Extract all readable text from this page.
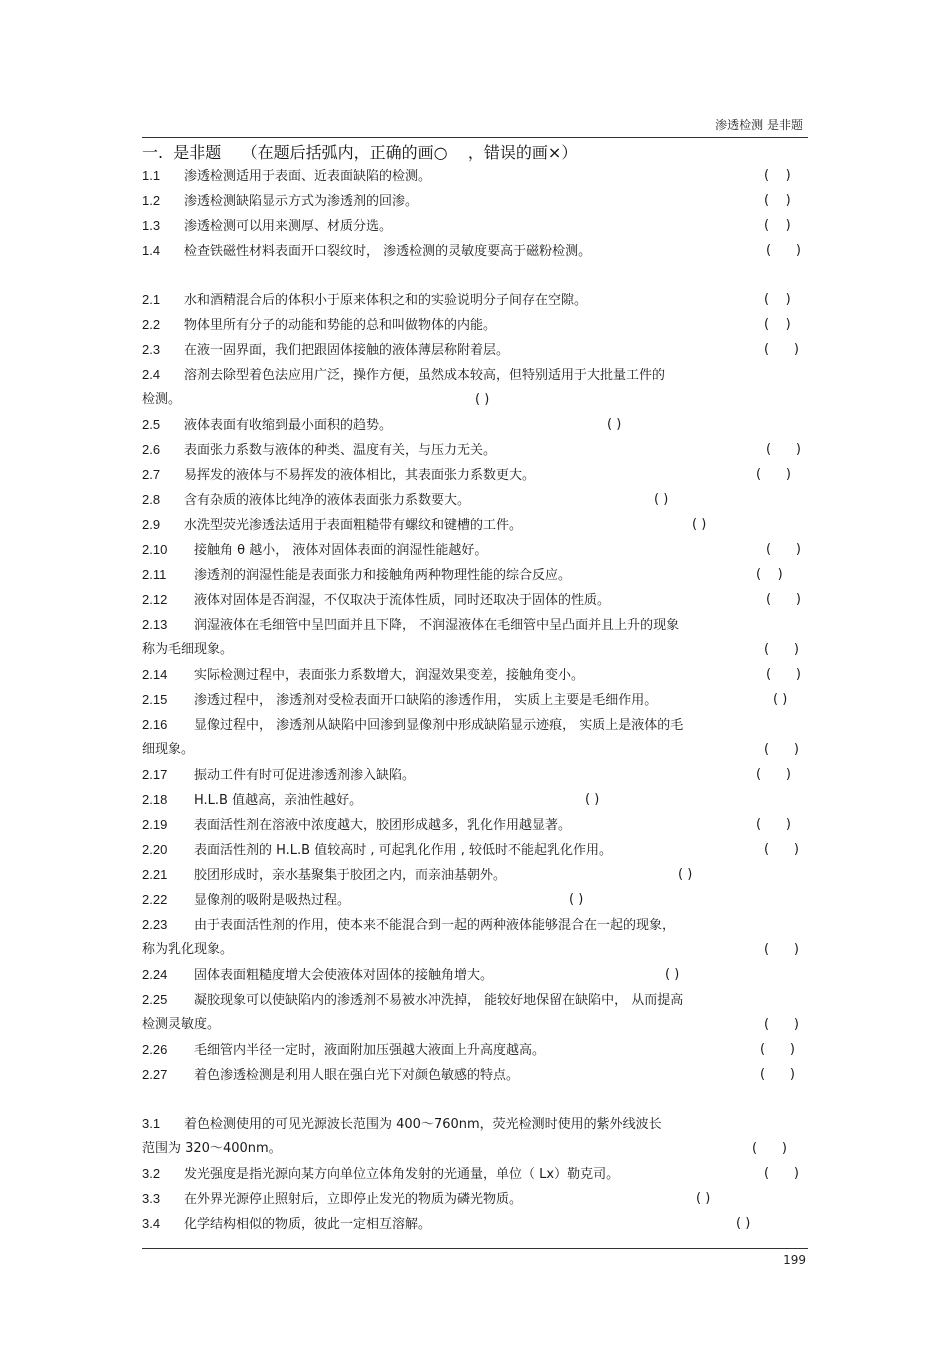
渗透检测 是非题
一.  是非题    （在题后括弧内，正确的画○    ，错误的画×）
1.1 渗透检测适用于表面、近表面缺陷的检测。	(    )
1.2 渗透检测缺陷显示方式为渗透剂的回渗。	(    )
1.3 渗透检测可以用来测厚、材质分选。	(    )
1.4 检查铁磁性材料表面开口裂纹时， 渗透检测的灵敏度要高于磁粉检测。	(      )
2.1 水和酒精混合后的体积小于原来体积之和的实验说明分子间存在空隙。	(    )
2.2 物体里所有分子的动能和势能的总和叫做物体的内能。	(    )
2.3 在液一固界面，我们把跟固体接触的液体薄层称附着层。	(      )
2.4 溶剂去除型着色法应用广泛，操作方便，虽然成本较高，但特别适用于大批量工件的
检测。	( )
2.5 液体表面有收缩到最小面积的趋势。	( )
2.6 表面张力系数与液体的种类、温度有关，与压力无关。	(      )
2.7 易挥发的液体与不易挥发的液体相比，其表面张力系数更大。	(      )
2.8 含有杂质的液体比纯净的液体表面张力系数要大。	( )
2.9 水洗型荧光渗透法适用于表面粗糙带有螺纹和键槽的工件。	( )
2.10 接触角 θ 越小， 液体对固体表面的润湿性能越好。	(      )
2.11 渗透剂的润湿性能是表面张力和接触角两种物理性能的综合反应。	(    )
2.12 液体对固体是否润湿，不仅取决于流体性质，同时还取决于固体的性质。	(      )
2.13 润湿液体在毛细管中呈凹面并且下降， 不润湿液体在毛细管中呈凸面并且上升的现象
称为毛细现象。	(      )
2.14 实际检测过程中，表面张力系数增大，润湿效果变差，接触角变小。	(      )
2.15 渗透过程中， 渗透剂对受检表面开口缺陷的渗透作用， 实质上主要是毛细作用。	( )
2.16 显像过程中， 渗透剂从缺陷中回渗到显像剂中形成缺陷显示迹痕， 实质上是液体的毛
细现象。	(      )
2.17 振动工件有时可促进渗透剂渗入缺陷。	(      )
2.18 H.L.B 值越高，亲油性越好。	( )
2.19 表面活性剂在溶液中浓度越大，胶团形成越多，乳化作用越显著。	(      )
2.20 表面活性剂的 H.L.B 值较高时 , 可起乳化作用 , 较低时不能起乳化作用。	(      )
2.21 胶团形成时，亲水基聚集于胶团之内，而亲油基朝外。	( )
2.22 显像剂的吸附是吸热过程。	( )
2.23 由于表面活性剂的作用，使本来不能混合到一起的两种液体能够混合在一起的现象，
称为乳化现象。	(      )
2.24 固体表面粗糙度增大会使液体对固体的接触角增大。	( )
2.25 凝胶现象可以使缺陷内的渗透剂不易被水冲洗掉， 能较好地保留在缺陷中， 从而提高
检测灵敏度。	(      )
2.26 毛细管内半径一定时，液面附加压强越大液面上升高度越高。	(      )
2.27 着色渗透检测是利用人眼在强白光下对颜色敏感的特点。	(      )
3.1 着色检测使用的可见光源波长范围为 400～760nm，荧光检测时使用的紫外线波长
范围为 320～400nm。	(      )
3.2 发光强度是指光源向某方向单位立体角发射的光通量，单位（ Lx）勒克司。	(      )
3.3 在外界光源停止照射后，立即停止发光的物质为磷光物质。	( )
3.4 化学结构相似的物质，彼此一定相互溶解。	( )
199
